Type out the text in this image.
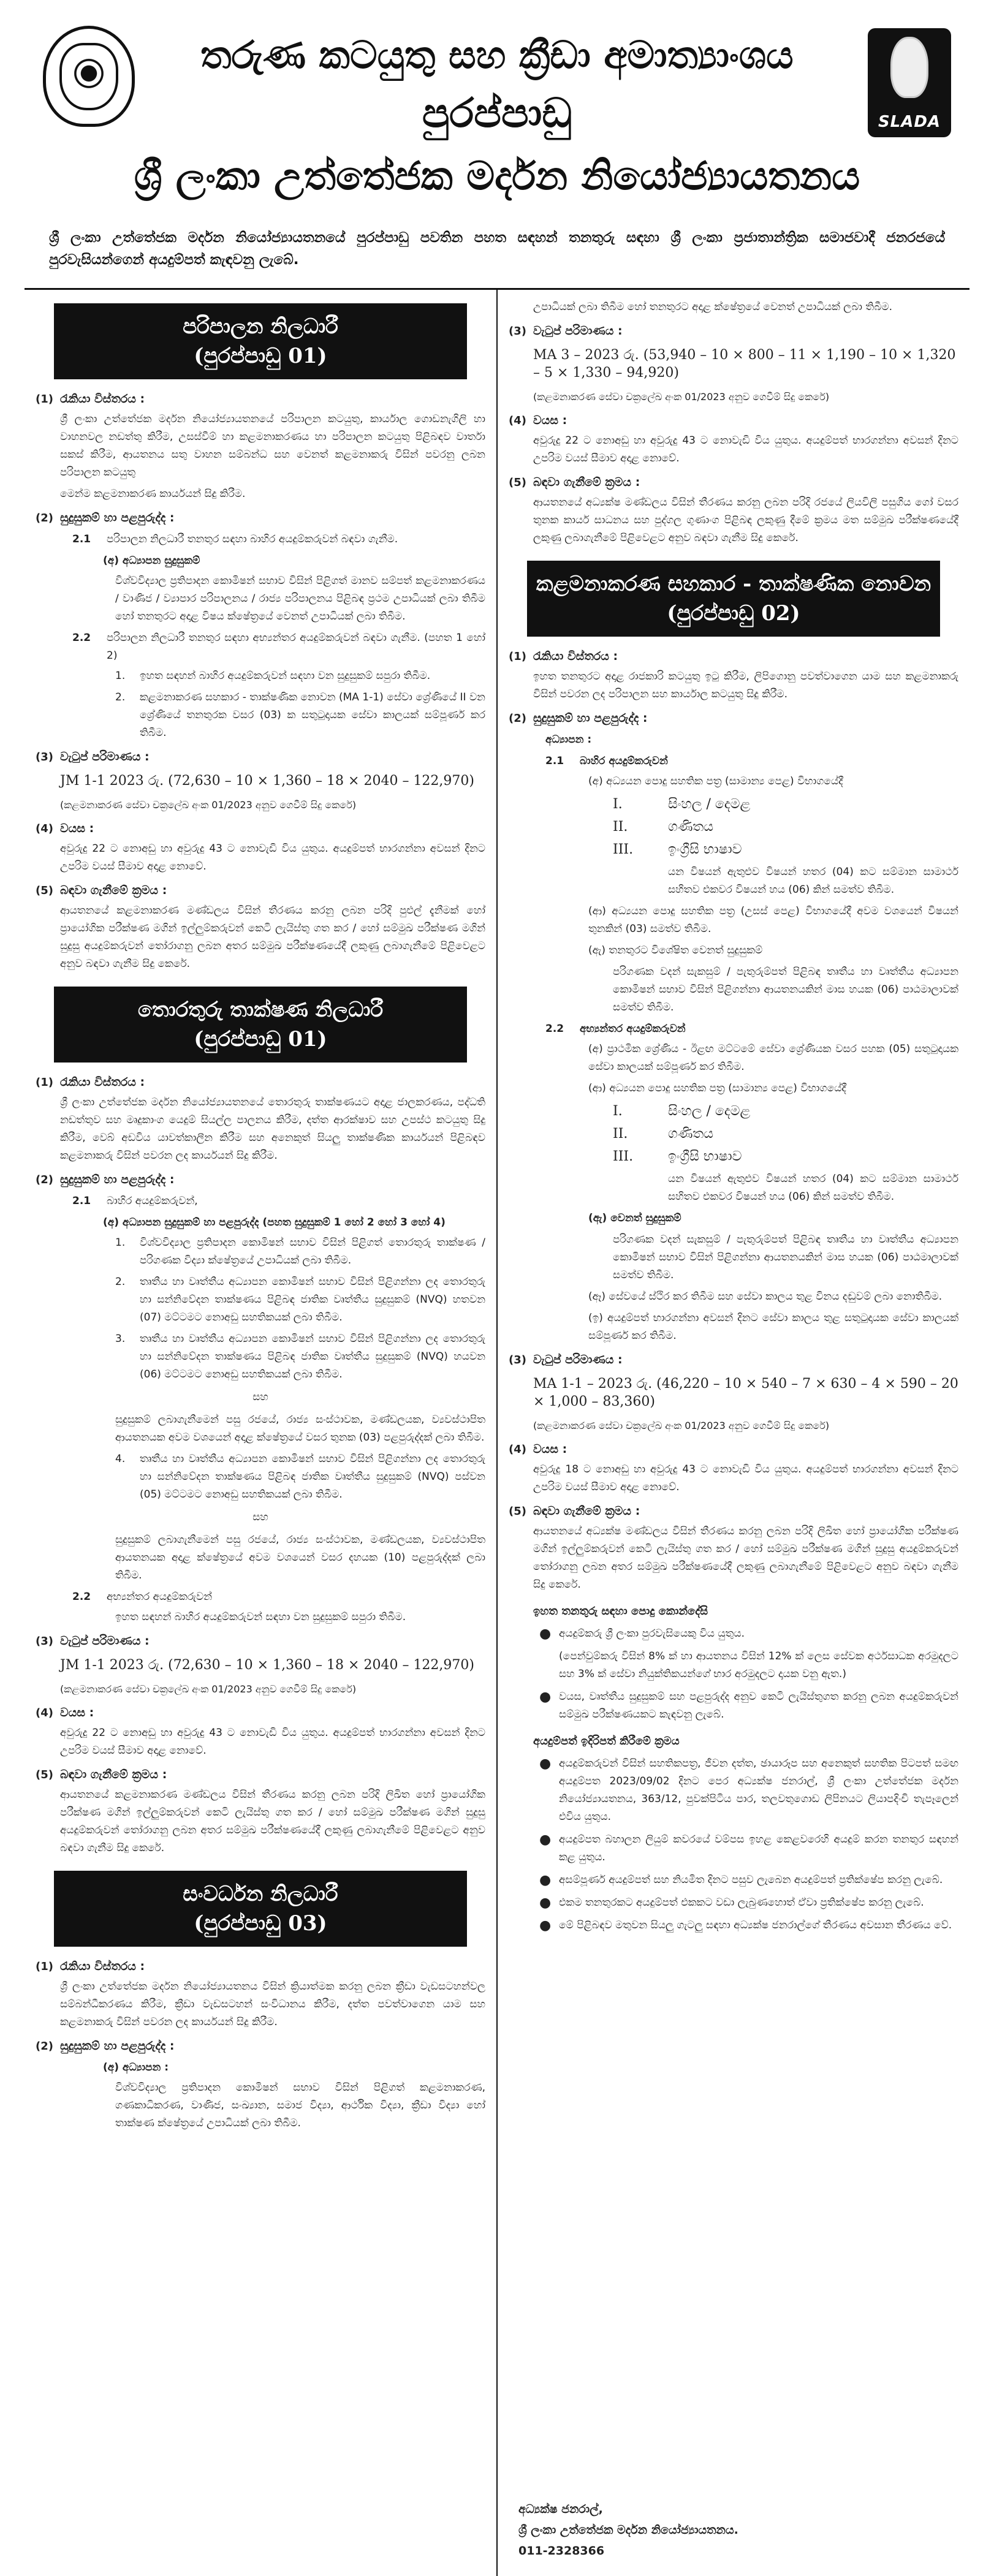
තරුණ කටයුතු සහ ක්‍රීඩා අමාත්‍යාංශය
පුරප්පාඩු	SLADA
ශ්‍රී ලංකා උත්තේජක මර්දන නියෝජ්‍යායතනය
ශ්‍රී ලංකා උත්තේජක මර්දන නියෝජ්‍යායතනයේ පුරප්පාඩු පවතින පහත සඳහන් තනතුරු සඳහා ශ්‍රී ලංකා ප්‍රජාතාන්ත්‍රික සමාජවාදී ජනරජයේ පුරවැසියන්ගෙන් අයදුම්පත් කැඳවනු ලැබේ.
පරිපාලන නිලධාරී
(පුරප්පාඩු 01)
(1) රැකියා විස්තරය :
ශ්‍රී ලංකා උත්තේජක මර්දන නියෝජ්‍යායතනයේ පරිපාලන කටයුතු, කාර්යාල ගොඩනැගිලි හා වාහනවල නඩත්තු කිරීම, උසස්වීම් හා කළමනාකරණය හා පරිපාලන කටයුතු පිළිබඳව වාර්තා සකස් කිරීම, ආයතනය සතු වාහන සම්බන්ධ සහ වෙනත් කළමනාකරු විසින් පවරනු ලබන පරිපාලන කටයුතු
මෙන්ම කළමනාකරණ කාර්යයන් සිදු කිරීම.
(2) සුදුසුකම් හා පළපුරුද්ද :
2.1	පරිපාලන නිලධාරී තනතුර සඳහා බාහිර අයදුම්කරුවන් බඳවා ගැනීම.
(අ) අධ්‍යාපන සුදුසුකම්
විශ්වවිද්‍යාල ප්‍රතිපාදන කොමිෂන් සභාව විසින් පිළිගත් මානව සම්පත් කළමනාකරණය / වාණිජ / ව්‍යාපාර පරිපාලනය / රාජ්‍ය පරිපාලනය පිළිබඳ ප්‍රථම උපාධියක් ලබා තිබීම හෝ තනතුරට අදාළ විෂය ක්ෂේත්‍රයේ වෙනත් උපාධියක් ලබා තිබීම.
2.2	පරිපාලන නිලධාරී තනතුර සඳහා අභ්‍යන්තර අයදුම්කරුවන් බඳවා ගැනීම. (පහත 1 හෝ 2)
1.	ඉහත සඳහන් බාහිර අයදුම්කරුවන් සඳහා වන සුදුසුකම් සපුරා තිබීම.
2.	කළමනාකරණ සහකාර - තාක්ෂණික නොවන (MA 1-1) සේවා ශ්‍රේණියේ II වන ශ්‍රේණියේ තනතුරක වසර (03) ක සතුටුදායක සේවා කාලයක් සම්පූර්ණ කර තිබීම.
(3) වැටුප් පරිමාණය :
JM 1-1 2023 රු. (72,630 – 10 × 1,360 – 18 × 2040 – 122,970)
(කළමනාකරණ සේවා චක්‍රලේඛ අංක 01/2023 අනුව ගෙවීම් සිදු කෙරේ)
(4) වයස :
අවුරුදු 22 ට නොඅඩු හා අවුරුදු 43 ට නොවැඩි විය යුතුය. අයදුම්පත් භාරගන්නා අවසන් දිනට උපරිම වයස් සීමාව අදාළ නොවේ.
(5) බඳවා ගැනීමේ ක්‍රමය :
ආයතනයේ කළමනාකරණ මණ්ඩලය විසින් තීරණය කරනු ලබන පරිදි පුළුල් දැනීමක් හෝ ප්‍රායෝගික පරීක්ෂණ මගින් ඉල්ලුම්කරුවන් කෙටි ලැයිස්තු ගත කර / හෝ සම්මුඛ පරීක්ෂණ මගින් සුදුසු අයදුම්කරුවන් තෝරාගනු ලබන අතර සම්මුඛ පරීක්ෂණයේදී ලකුණු ලබාගැනීමේ පිළිවෙළට අනුව බඳවා ගැනීම සිදු කෙරේ.
තොරතුරු තාක්ෂණ නිලධාරී
(පුරප්පාඩු 01)
(1) රැකියා විස්තරය :
ශ්‍රී ලංකා උත්තේජක මර්දන නියෝජ්‍යායතනයේ තොරතුරු තාක්ෂණයට අදාළ ජාලකරණය, පද්ධති නඩත්තුව සහ මෘදුකාංග යෙදුම් සියල්ල පාලනය කිරීම, දත්ත ආරක්ෂාව සහ උපස්ථ කටයුතු සිදු කිරීම, වෙබ් අඩවිය යාවත්කාලීන කිරීම සහ අනෙකුත් සියලු තාක්ෂණික කාර්යයන් පිළිබඳව කළමනාකරු විසින් පවරන ලද කාර්යයන් සිදු කිරීම.
(2) සුදුසුකම් හා පළපුරුද්ද :
2.1	බාහිර අයදුම්කරුවන්,
(අ) අධ්‍යාපන සුදුසුකම් හා පළපුරුද්ද (පහත සුදුසුකම් 1 හෝ 2 හෝ 3 හෝ 4)
1.	විශ්වවිද්‍යාල ප්‍රතිපාදන කොමිෂන් සභාව විසින් පිළිගත් තොරතුරු තාක්ෂණ / පරිගණක විද්‍යා ක්ෂේත්‍රයේ උපාධියක් ලබා තිබීම.
2.	තෘතීය හා වෘත්තීය අධ්‍යාපන කොමිෂන් සභාව විසින් පිළිගන්නා ලද තොරතුරු හා සන්නිවේදන තාක්ෂණය පිළිබඳ ජාතික වෘත්තීය සුදුසුකම් (NVQ) හතවන (07) මට්ටමට නොඅඩු සහතිකයක් ලබා තිබීම.
3.	තෘතීය හා වෘත්තීය අධ්‍යාපන කොමිෂන් සභාව විසින් පිළිගන්නා ලද තොරතුරු හා සන්නිවේදන තාක්ෂණය පිළිබඳ ජාතික වෘත්තීය සුදුසුකම් (NVQ) හයවන (06) මට්ටමට නොඅඩු සහතිකයක් ලබා තිබීම.
සහ
සුදුසුකම් ලබාගැනීමෙන් පසු රජයේ, රාජ්‍ය සංස්ථාවක, මණ්ඩලයක, ව්‍යවස්ථාපිත ආයතනයක අවම වශයෙන් අදාළ ක්ෂේත්‍රයේ වසර තුනක (03) පළපුරුද්දක් ලබා තිබීම.
4.	තෘතීය හා වෘත්තීය අධ්‍යාපන කොමිෂන් සභාව විසින් පිළිගන්නා ලද තොරතුරු හා සන්නිවේදන තාක්ෂණය පිළිබඳ ජාතික වෘත්තීය සුදුසුකම් (NVQ) පස්වන (05) මට්ටමට නොඅඩු සහතිකයක් ලබා තිබීම.
සහ
සුදුසුකම් ලබාගැනීමෙන් පසු රජයේ, රාජ්‍ය සංස්ථාවක, මණ්ඩලයක, ව්‍යවස්ථාපිත ආයතනයක අදාළ ක්ෂේත්‍රයේ අවම වශයෙන් වසර දහයක (10) පළපුරුද්දක් ලබා තිබීම.
2.2	අභ්‍යන්තර අයදුම්කරුවන්
ඉහත සඳහන් බාහිර අයදුම්කරුවන් සඳහා වන සුදුසුකම් සපුරා තිබීම.
(3) වැටුප් පරිමාණය :
JM 1-1 2023 රු. (72,630 – 10 × 1,360 – 18 × 2040 – 122,970)
(කළමනාකරණ සේවා චක්‍රලේඛ අංක 01/2023 අනුව ගෙවීම් සිදු කෙරේ)
(4) වයස :
අවුරුදු 22 ට නොඅඩු හා අවුරුදු 43 ට නොවැඩි විය යුතුය. අයදුම්පත් භාරගන්නා අවසන් දිනට උපරිම වයස් සීමාව අදාළ නොවේ.
(5) බඳවා ගැනීමේ ක්‍රමය :
ආයතනයේ කළමනාකරණ මණ්ඩලය විසින් තීරණය කරනු ලබන පරිදි ලිඛිත හෝ ප්‍රායෝගික පරීක්ෂණ මගින් ඉල්ලුම්කරුවන් කෙටි ලැයිස්තු ගත කර / හෝ සම්මුඛ පරීක්ෂණ මගින් සුදුසු අයදුම්කරුවන් තෝරාගනු ලබන අතර සම්මුඛ පරීක්ෂණයේදී ලකුණු ලබාගැනීමේ පිළිවෙළට අනුව බඳවා ගැනීම සිදු කෙරේ.
සංවර්ධන නිලධාරී
(පුරප්පාඩු 03)
(1) රැකියා විස්තරය :
ශ්‍රී ලංකා උත්තේජක මර්දන නියෝජ්‍යායතනය විසින් ක්‍රියාත්මක කරනු ලබන ක්‍රීඩා වැඩසටහන්වල සම්බන්ධීකරණය කිරීම, ක්‍රීඩා වැඩසටහන් සංවිධානය කිරීම, දත්ත පවත්වාගෙන යාම සහ කළමනාකරු විසින් පවරන ලද කාර්යයන් සිදු කිරීම.
(2) සුදුසුකම් හා පළපුරුද්ද :
(අ) අධ්‍යාපන :
විශ්වවිද්‍යාල ප්‍රතිපාදන කොමිෂන් සභාව විසින් පිළිගත් කළමනාකරණ, ගණකාධිකරණ, වාණිජ, සංඛ්‍යාන, සමාජ විද්‍යා, ආර්ථික විද්‍යා, ක්‍රීඩා විද්‍යා හෝ තාක්ෂණ ක්ෂේත්‍රයේ උපාධියක් ලබා තිබීම.
උපාධියක් ලබා තිබීම හෝ තනතුරට අදාළ ක්ෂේත්‍රයේ වෙනත් උපාධියක් ලබා තිබීම.
(3) වැටුප් පරිමාණය :
MA 3 – 2023 රු. (53,940 – 10 × 800 – 11 × 1,190 – 10 × 1,320 – 5 × 1,330 – 94,920)
(කළමනාකරණ සේවා චක්‍රලේඛ අංක 01/2023 අනුව ගෙවීම් සිදු කෙරේ)
(4) වයස :
අවුරුදු 22 ට නොඅඩු හා අවුරුදු 43 ට නොවැඩි විය යුතුය. අයදුම්පත් භාරගන්නා අවසන් දිනට උපරිම වයස් සීමාව අදාළ නොවේ.
(5) බඳවා ගැනීමේ ක්‍රමය :
ආයතනයේ අධ්‍යක්ෂ මණ්ඩලය විසින් තීරණය කරනු ලබන පරිදි රජයේ ලියවිලි පසුගිය ගෝ වසර තුනක කාර්ය සාධනය සහ පුද්ගල ගුණාංග පිළිබඳ ලකුණු දීමේ ක්‍රමය මත සම්මුඛ පරීක්ෂණයේදී ලකුණු ලබාගැනීමේ පිළිවෙළට අනුව බඳවා ගැනීම සිදු කෙරේ.
කළමනාකරණ සහකාර - තාක්ෂණික නොවන
(පුරප්පාඩු 02)
(1) රැකියා විස්තරය :
ඉහත තනතුරට අදාළ රාජකාරි කටයුතු ඉටු කිරීම, ලිපිගොනු පවත්වාගෙන යාම සහ කළමනාකරු විසින් පවරන ලද පරිපාලන සහ කාර්යාල කටයුතු සිදු කිරීම.
(2) සුදුසුකම් හා පළපුරුද්ද :
අධ්‍යාපන :
2.1	බාහිර අයදුම්කරුවන්
(අ) අධ්‍යයන පොදු සහතික පත්‍ර (සාමාන්‍ය පෙළ) විභාගයේදී
I.	සිංහල / දෙමළ
II.	ගණිතය
III.	ඉංග්‍රීසි භාෂාව
යන විෂයන් ඇතුළුව විෂයන් හතර (04) කට සම්මාන සාමාර්ථ සහිතව එකවර විෂයන් හය (06) කින් සමත්ව තිබීම.
(ආ) අධ්‍යයන පොදු සහතික පත්‍ර (උසස් පෙළ) විභාගයේදී අවම වශයෙන් විෂයන් තුනකින් (03) සමත්ව තිබීම.
(ඇ) තනතුරට විශේෂිත වෙනත් සුදුසුකම්
පරිගණක වදන් සැකසුම් / පැතුරුම්පත් පිළිබඳ තෘතීය හා වෘත්තීය අධ්‍යාපන කොමිෂන් සභාව විසින් පිළිගන්නා ආයතනයකින් මාස හයක (06) පාඨමාලාවක් සමත්ව තිබීම.
2.2	අභ්‍යන්තර අයදුම්කරුවන්
(අ) ප්‍රාථමික ශ්‍රේණිය - ඊළඟ මට්ටමේ සේවා ශ්‍රේණියක වසර පහක (05) සතුටුදායක සේවා කාලයක් සම්පූර්ණ කර තිබීම.
(ආ) අධ්‍යයන පොදු සහතික පත්‍ර (සාමාන්‍ය පෙළ) විභාගයේදී
I.	සිංහල / දෙමළ
II.	ගණිතය
III.	ඉංග්‍රීසි භාෂාව
යන විෂයන් ඇතුළුව විෂයන් හතර (04) කට සම්මාන සාමාර්ථ සහිතව එකවර විෂයන් හය (06) කින් සමත්ව තිබීම.
(ඇ) වෙනත් සුදුසුකම්
පරිගණක වදන් සැකසුම් / පැතුරුම්පත් පිළිබඳ තෘතීය හා වෘත්තීය අධ්‍යාපන කොමිෂන් සභාව විසින් පිළිගන්නා ආයතනයකින් මාස හයක (06) පාඨමාලාවක් සමත්ව තිබීම.
(ඈ) සේවයේ ස්ථිර කර තිබීම සහ සේවා කාලය තුළ විනය දඬුවම් ලබා නොතිබීම.
(ඉ) අයදුම්පත් භාරගන්නා අවසන් දිනට සේවා කාලය තුළ සතුටුදායක සේවා කාලයක් සම්පූර්ණ කර තිබීම.
(3) වැටුප් පරිමාණය :
MA 1-1 – 2023 රු. (46,220 – 10 × 540 – 7 × 630 – 4 × 590 – 20 × 1,000 – 83,360)
(කළමනාකරණ සේවා චක්‍රලේඛ අංක 01/2023 අනුව ගෙවීම් සිදු කෙරේ)
(4) වයස :
අවුරුදු 18 ට නොඅඩු හා අවුරුදු 43 ට නොවැඩි විය යුතුය. අයදුම්පත් භාරගන්නා අවසන් දිනට උපරිම වයස් සීමාව අදාළ නොවේ.
(5) බඳවා ගැනීමේ ක්‍රමය :
ආයතනයේ අධ්‍යක්ෂ මණ්ඩලය විසින් තීරණය කරනු ලබන පරිදි ලිඛිත හෝ ප්‍රායෝගික පරීක්ෂණ මගින් ඉල්ලුම්කරුවන් කෙටි ලැයිස්තු ගත කර / හෝ සම්මුඛ පරීක්ෂණ මගින් සුදුසු අයදුම්කරුවන් තෝරාගනු ලබන අතර සම්මුඛ පරීක්ෂණයේදී ලකුණු ලබාගැනීමේ පිළිවෙළට අනුව බඳවා ගැනීම සිදු කෙරේ.
ඉහත තනතුරු සඳහා පොදු කොන්දේසි
● අයදුම්කරු ශ්‍රී ලංකා පුරවැසියෙකු විය යුතුය.
(පෙන්වුම්කරු විසින් 8% ක් හා ආයතනය විසින් 12% ක් ලෙස සේවක අර්ථසාධක අරමුදලට සහ 3% ක් සේවා නියුක්තිකයන්ගේ භාර අරමුදලට දායක වනු ඇත.)
● වයස, වෘත්තීය සුදුසුකම් සහ පළපුරුද්ද අනුව කෙටි ලැයිස්තුගත කරනු ලබන අයදුම්කරුවන් සම්මුඛ පරීක්ෂණයකට කැඳවනු ලැබේ.
අයදුම්පත් ඉදිරිපත් කිරීමේ ක්‍රමය
● අයදුම්කරුවන් විසින් සහතිකපත්‍ර, ජීවන දත්ත, ඡායාරූප සහ අනෙකුත් සහතික පිටපත් සමඟ අයදුම්පත 2023/09/02 දිනට පෙර අධ්‍යක්ෂ ජනරාල්, ශ්‍රී ලංකා උත්තේජක මර්දන නියෝජ්‍යායතනය, 363/12, පුවක්පිටිය පාර, තලවතුගොඩ ලිපිනයට ලියාපදිංචි තැපෑලෙන් එවිය යුතුය.
● අයදුම්පත බහාලන ලියුම් කවරයේ වම්පස ඉහළ කෙළවරෙහි අයදුම් කරන තනතුර සඳහන් කළ යුතුය.
● අසම්පූර්ණ අයදුම්පත් සහ නියමිත දිනට පසුව ලැබෙන අයදුම්පත් ප්‍රතික්ෂේප කරනු ලැබේ.
● එකම තනතුරකට අයදුම්පත් එකකට වඩා ලැබුණහොත් ඒවා ප්‍රතික්ෂේප කරනු ලැබේ.
● මේ පිළිබඳව මතුවන සියලු ගැටලු සඳහා අධ්‍යක්ෂ ජනරාල්ගේ තීරණය අවසාන තීරණය වේ.
අධ්‍යක්ෂ ජනරාල්,
ශ්‍රී ලංකා උත්තේජක මර්දන නියෝජ්‍යායතනය.
011-2328366
